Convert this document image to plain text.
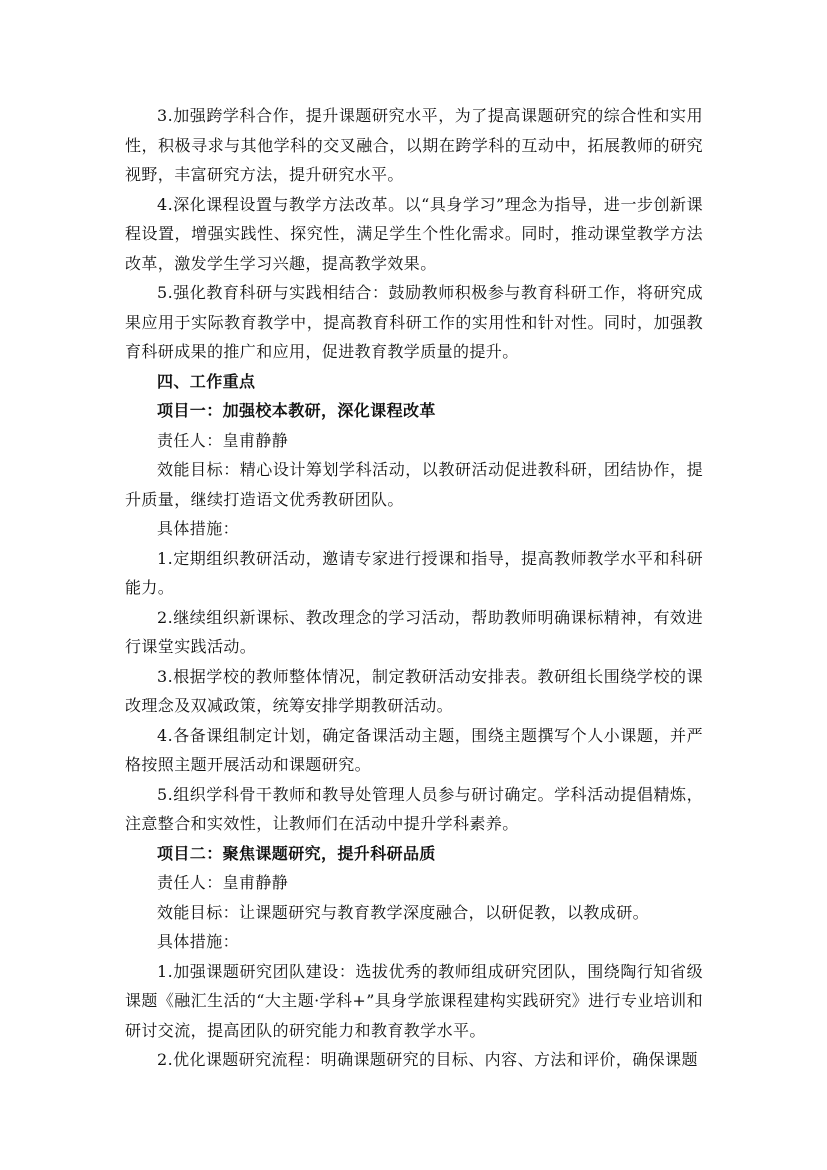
3.加强跨学科合作，提升课题研究水平，为了提高课题研究的综合性和实用性，积极寻求与其他学科的交叉融合，以期在跨学科的互动中，拓展教师的研究视野，丰富研究方法，提升研究水平。

4.深化课程设置与教学方法改革。以“具身学习”理念为指导，进一步创新课程设置，增强实践性、探究性，满足学生个性化需求。同时，推动课堂教学方法改革，激发学生学习兴趣，提高教学效果。

5.强化教育科研与实践相结合：鼓励教师积极参与教育科研工作，将研究成果应用于实际教育教学中，提高教育科研工作的实用性和针对性。同时，加强教育科研成果的推广和应用，促进教育教学质量的提升。

四、工作重点

项目一：加强校本教研，深化课程改革

责任人：皇甫静静

效能目标：精心设计筹划学科活动，以教研活动促进教科研，团结协作，提升质量，继续打造语文优秀教研团队。

具体措施：

1.定期组织教研活动，邀请专家进行授课和指导，提高教师教学水平和科研能力。

2.继续组织新课标、教改理念的学习活动，帮助教师明确课标精神，有效进行课堂实践活动。

3.根据学校的教师整体情况，制定教研活动安排表。教研组长围绕学校的课改理念及双减政策，统筹安排学期教研活动。

4.各备课组制定计划，确定备课活动主题，围绕主题撰写个人小课题，并严格按照主题开展活动和课题研究。

5.组织学科骨干教师和教导处管理人员参与研讨确定。学科活动提倡精炼，注意整合和实效性，让教师们在活动中提升学科素养。

项目二：聚焦课题研究，提升科研品质

责任人：皇甫静静

效能目标：让课题研究与教育教学深度融合，以研促教，以教成研。

具体措施：

1.加强课题研究团队建设：选拔优秀的教师组成研究团队，围绕陶行知省级课题《融汇生活的“大主题·学科+”具身学旅课程建构实践研究》进行专业培训和研讨交流，提高团队的研究能力和教育教学水平。

2.优化课题研究流程：明确课题研究的目标、内容、方法和评价，确保课题
